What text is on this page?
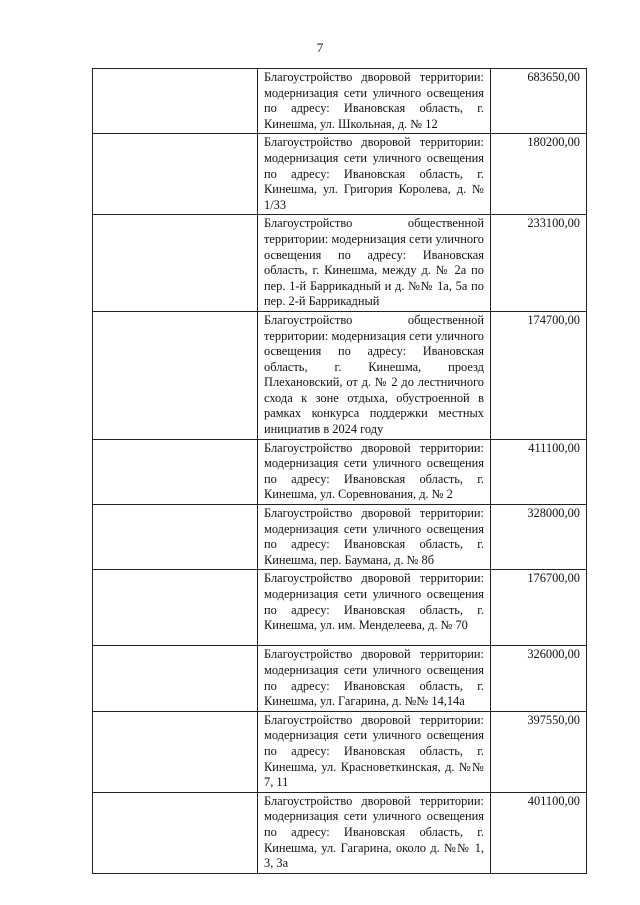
7
	Благоустройство дворовой территории: модернизация сети уличного освещения по адресу: Ивановская область, г. Кинешма, ул. Школьная, д. № 12	683650,00
	Благоустройство дворовой территории: модернизация сети уличного освещения по адресу: Ивановская область, г. Кинешма, ул. Григория Королева, д. № 1/33	180200,00
	Благоустройство общественной территории: модернизация сети уличного освещения по адресу: Ивановская область, г. Кинешма, между д. № 2а по пер. 1-й Баррикадный и д. №№ 1а, 5а по пер. 2-й Баррикадный	233100,00
	Благоустройство общественной территории: модернизация сети уличного освещения по адресу: Ивановская область, г. Кинешма, проезд Плехановский, от д. № 2 до лестничного схода к зоне отдыха, обустроенной в рамках конкурса поддержки местных инициатив в 2024 году	174700,00
	Благоустройство дворовой территории: модернизация сети уличного освещения по адресу: Ивановская область, г. Кинешма, ул. Соревнования, д. № 2	411100,00
	Благоустройство дворовой территории: модернизация сети уличного освещения по адресу: Ивановская область, г. Кинешма, пер. Баумана, д. № 8б	328000,00
	Благоустройство дворовой территории: модернизация сети уличного освещения по адресу: Ивановская область, г. Кинешма, ул. им. Менделеева, д. № 70	176700,00
	Благоустройство дворовой территории: модернизация сети уличного освещения по адресу: Ивановская область, г. Кинешма, ул. Гагарина, д. №№ 14,14а	326000,00
	Благоустройство дворовой территории: модернизация сети уличного освещения по адресу: Ивановская область, г. Кинешма, ул. Красноветкинская, д. №№ 7, 11	397550,00
	Благоустройство дворовой территории: модернизация сети уличного освещения по адресу: Ивановская область, г. Кинешма, ул. Гагарина, около д. №№ 1, 3, 3а	401100,00
